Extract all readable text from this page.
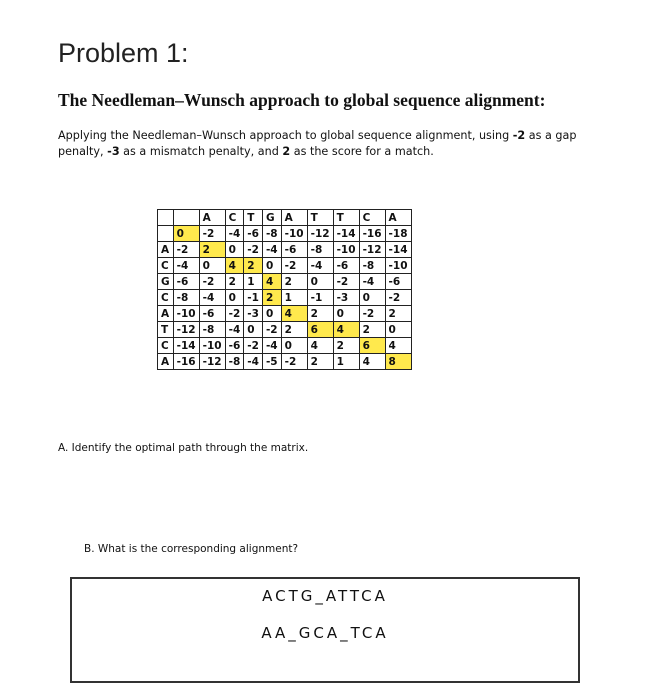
Problem 1:
The Needleman–Wunsch approach to global sequence alignment:
Applying the Needleman–Wunsch approach to global sequence alignment, using -2 as a gap penalty, -3 as a mismatch penalty, and 2 as the score for a match.
		A	C	T	G	A	T	T	C	A
	0	-2	-4	-6	-8	-10	-12	-14	-16	-18
A	-2	2	0	-2	-4	-6	-8	-10	-12	-14
C	-4	0	4	2	0	-2	-4	-6	-8	-10
G	-6	-2	2	1	4	2	0	-2	-4	-6
C	-8	-4	0	-1	2	1	-1	-3	0	-2
A	-10	-6	-2	-3	0	4	2	0	-2	2
T	-12	-8	-4	0	-2	2	6	4	2	0
C	-14	-10	-6	-2	-4	0	4	2	6	4
A	-16	-12	-8	-4	-5	-2	2	1	4	8
A. Identify the optimal path through the matrix.
B. What is the corresponding alignment?
ACTG_ATTCA
AA_GCA_TCA
